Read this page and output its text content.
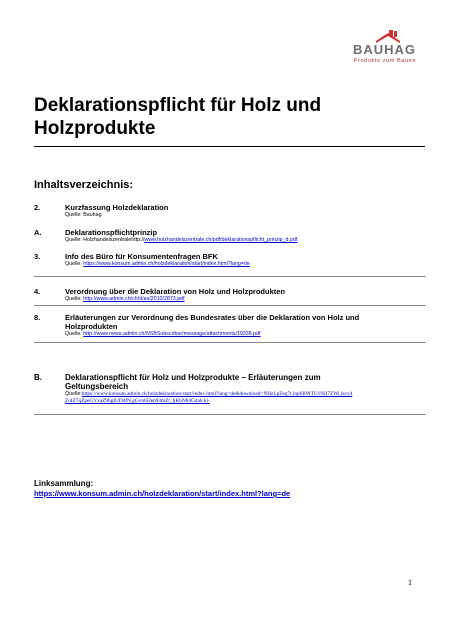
BAUHAG
Produkte zum Bauen
Deklarationspflicht für Holz und Holzprodukte
Inhaltsverzeichnis:
2.	Kurzfassung Holzdeklaration
Quelle: Bauhag
A.	Deklarationspflichtprinzip
Quelle: Holzhandelszentralehttp://www.holzhandelszentrale.ch/pdf/deklarationspflicht_prinzip_d.pdf
3.	Info des Büro für Konsumentenfragen BFK
Quelle: https://www.konsum.admin.ch/holzdeklaration/start/index.html?lang=de
4.	Verordnung über die Deklaration von Holz und Holzprodukten
Quelle: http://www.admin.ch/ch/d/as/2010/2873.pdf
8.	Erläuterungen zur Verordnung des Bundesrates über die Deklaration von Holz und Holzprodukten
Quelle: http://www.news.admin.ch/NSBSubscriber/message/attachments/19338.pdf
B.	Deklarationspflicht für Holz und Holzprodukte – Erläuterungen zum Geltungsbereich
Quelle:https://www.konsum.admin.ch/holzdeklaration/start/index.html?lang=de&download=NHzLpZeg7t,lnp6I0NTU1NiI7ZWi,lacy4ZoIZ7qZpeGYxaZ9hgIUD4fN,gGvnl62ep93mZt_ljKbN64G4ab.ki-
Linksammlung:
https://www.konsum.admin.ch/holzdeklaration/start/index.html?lang=de
1
